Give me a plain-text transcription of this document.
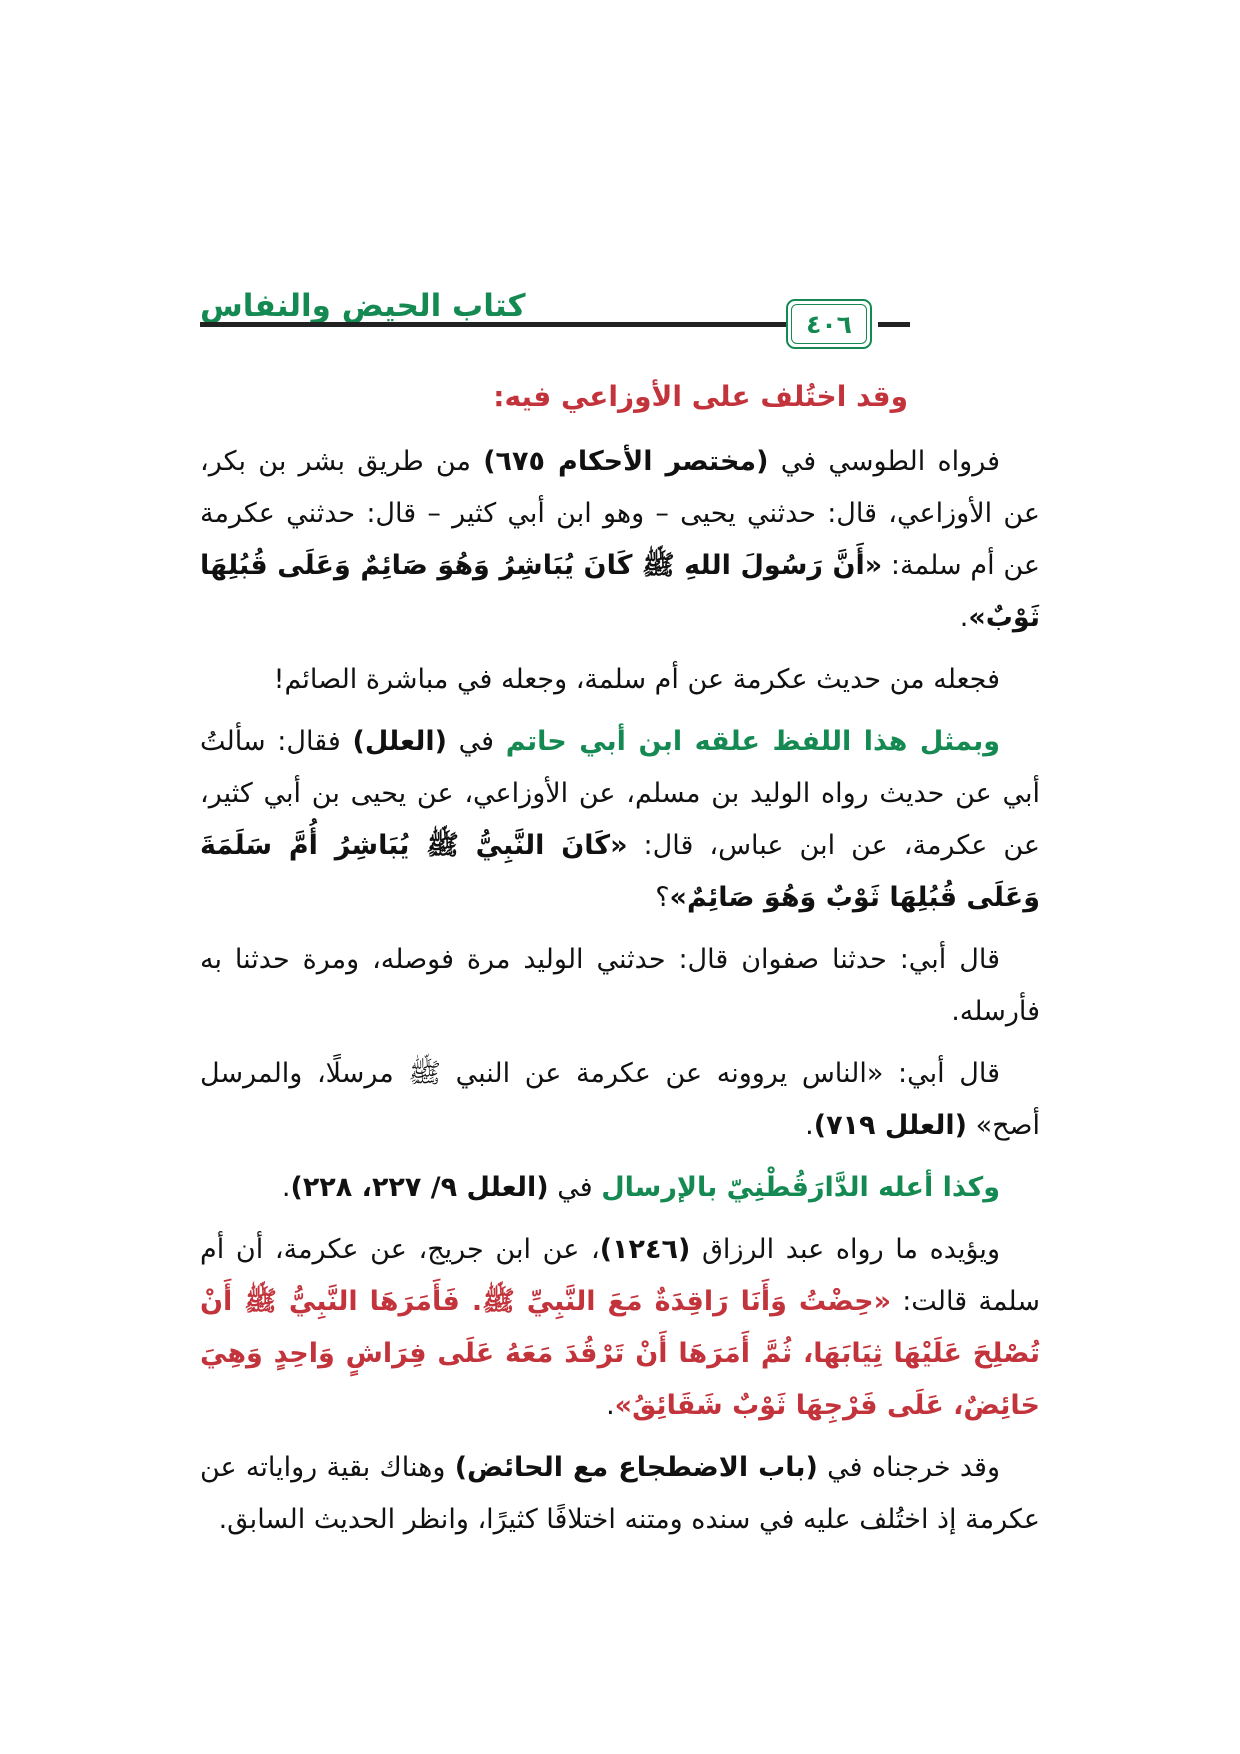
كتاب الحيض والنفاس	٤٠٦
وقد اختُلف على الأوزاعي فيه:
فرواه الطوسي في (مختصر الأحكام ٦٧٥) من طريق بشر بن بكر، عن الأوزاعي، قال: حدثني يحيى – وهو ابن أبي كثير – قال: حدثني عكرمة عن أم سلمة: «أَنَّ رَسُولَ اللهِ ﷺ كَانَ يُبَاشِرُ وَهُوَ صَائِمٌ وَعَلَى قُبُلِهَا ثَوْبٌ».
فجعله من حديث عكرمة عن أم سلمة، وجعله في مباشرة الصائم!
وبمثل هذا اللفظ علقه ابن أبي حاتم في (العلل) فقال: سألتُ أبي عن حديث رواه الوليد بن مسلم، عن الأوزاعي، عن يحيى بن أبي كثير، عن عكرمة، عن ابن عباس، قال: «كَانَ النَّبِيُّ ﷺ يُبَاشِرُ أُمَّ سَلَمَةَ وَعَلَى قُبُلِهَا ثَوْبٌ وَهُوَ صَائِمٌ»؟
قال أبي: حدثنا صفوان قال: حدثني الوليد مرة فوصله، ومرة حدثنا به فأرسله.
قال أبي: «الناس يروونه عن عكرمة عن النبي ﷺ مرسلًا، والمرسل أصح» (العلل ٧١٩).
وكذا أعله الدَّارَقُطْنِيّ بالإرسال في (العلل ٩/ ٢٢٧، ٢٢٨).
ويؤيده ما رواه عبد الرزاق (١٢٤٦)، عن ابن جريج، عن عكرمة، أن أم سلمة قالت: «حِضْتُ وَأَنَا رَاقِدَةٌ مَعَ النَّبِيِّ ﷺ. فَأَمَرَهَا النَّبِيُّ ﷺ أَنْ تُصْلِحَ عَلَيْهَا ثِيَابَهَا، ثُمَّ أَمَرَهَا أَنْ تَرْقُدَ مَعَهُ عَلَى فِرَاشٍ وَاحِدٍ وَهِيَ حَائِضٌ، عَلَى فَرْجِهَا ثَوْبٌ شَقَائِقُ».
وقد خرجناه في (باب الاضطجاع مع الحائض) وهناك بقية رواياته عن عكرمة إذ اختُلف عليه في سنده ومتنه اختلافًا كثيرًا، وانظر الحديث السابق.
